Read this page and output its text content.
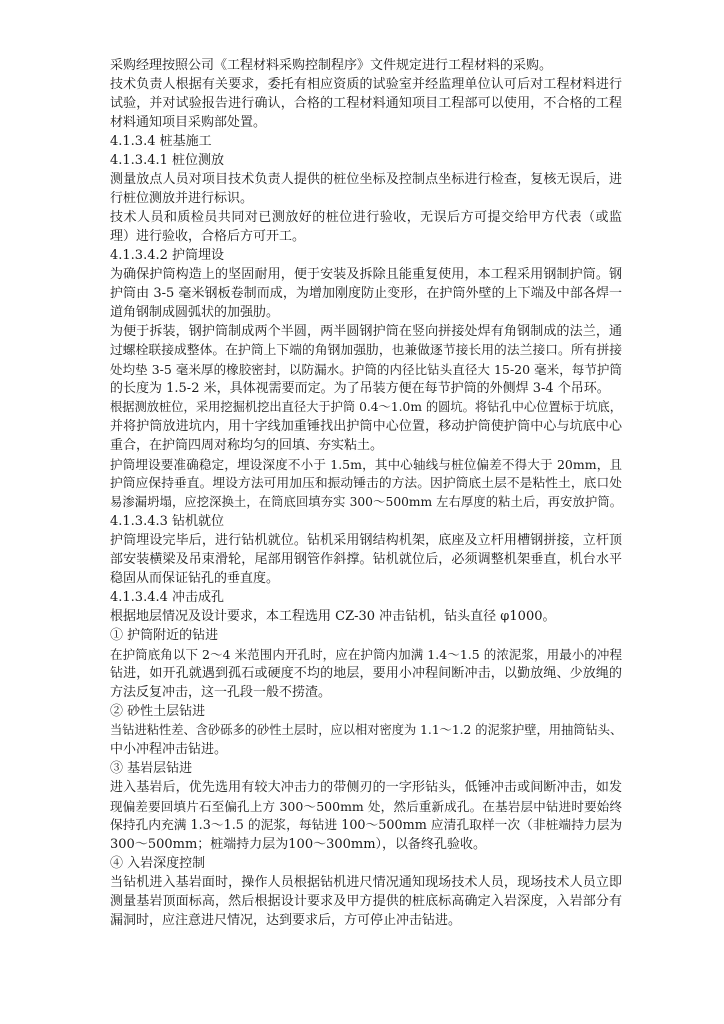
采购经理按照公司《工程材料采购控制程序》文件规定进行工程材料的采购。
技术负责人根据有关要求，委托有相应资质的试验室并经监理单位认可后对工程材料进行
试验，并对试验报告进行确认，合格的工程材料通知项目工程部可以使用，不合格的工程
材料通知项目采购部处置。
4.1.3.4 桩基施工
4.1.3.4.1 桩位测放
测量放点人员对项目技术负责人提供的桩位坐标及控制点坐标进行检查，复核无误后，进
行桩位测放并进行标识。
技术人员和质检员共同对已测放好的桩位进行验收，无误后方可提交给甲方代表（或监
理）进行验收，合格后方可开工。
4.1.3.4.2 护筒埋设
为确保护筒构造上的坚固耐用，便于安装及拆除且能重复使用，本工程采用钢制护筒。钢
护筒由 3-5 毫米钢板卷制而成，为增加刚度防止变形，在护筒外壁的上下端及中部各焊一
道角钢制成圆弧状的加强肋。
为便于拆装，钢护筒制成两个半圆，两半圆钢护筒在竖向拼接处焊有角钢制成的法兰，通
过螺栓联接成整体。在护筒上下端的角钢加强肋，也兼做逐节接长用的法兰接口。所有拼接
处均垫 3-5 毫米厚的橡胶密封，以防漏水。护筒的内径比钻头直径大 15-20 毫米，每节护筒
的长度为 1.5-2 米，具体视需要而定。为了吊装方便在每节护筒的外侧焊 3-4 个吊环。
根据测放桩位，采用挖掘机挖出直径大于护筒 0.4～1.0m 的圆坑。将钻孔中心位置标于坑底，
并将护筒放进坑内，用十字线加重锤找出护筒中心位置，移动护筒使护筒中心与坑底中心
重合，在护筒四周对称均匀的回填、夯实粘土。
护筒埋设要准确稳定，埋设深度不小于 1.5m，其中心轴线与桩位偏差不得大于 20mm，且
护筒应保持垂直。埋设方法可用加压和振动锤击的方法。因护筒底土层不是粘性土，底口处
易渗漏坍塌，应挖深换土，在筒底回填夯实 300～500mm 左右厚度的粘土后，再安放护筒。
4.1.3.4.3 钻机就位
护筒埋设完毕后，进行钻机就位。钻机采用钢结构机架，底座及立杆用槽钢拼接，立杆顶
部安装横梁及吊束滑轮，尾部用钢管作斜撑。钻机就位后，必须调整机架垂直，机台水平
稳固从而保证钻孔的垂直度。
4.1.3.4.4 冲击成孔
根据地层情况及设计要求，本工程选用 CZ-30 冲击钻机，钻头直径 φ1000。
① 护筒附近的钻进
在护筒底角以下 2～4 米范围内开孔时，应在护筒内加满 1.4～1.5 的浓泥浆，用最小的冲程
钻进，如开孔就遇到孤石或硬度不均的地层，要用小冲程间断冲击，以勤放绳、少放绳的
方法反复冲击，这一孔段一般不捞渣。
② 砂性土层钻进
当钻进粘性差、含砂砾多的砂性土层时，应以相对密度为 1.1～1.2 的泥浆护壁，用抽筒钻头、
中小冲程冲击钻进。
③ 基岩层钻进
进入基岩后，优先选用有较大冲击力的带侧刃的一字形钻头，低锤冲击或间断冲击，如发
现偏差要回填片石至偏孔上方 300～500mm 处，然后重新成孔。在基岩层中钻进时要始终
保持孔内充满 1.3～1.5 的泥浆，每钻进 100～500mm 应清孔取样一次（非桩端持力层为
300～500mm；桩端持力层为100～300mm），以备终孔验收。
④ 入岩深度控制
当钻机进入基岩面时，操作人员根据钻机进尺情况通知现场技术人员，现场技术人员立即
测量基岩顶面标高，然后根据设计要求及甲方提供的桩底标高确定入岩深度，入岩部分有
漏洞时，应注意进尺情况，达到要求后，方可停止冲击钻进。
